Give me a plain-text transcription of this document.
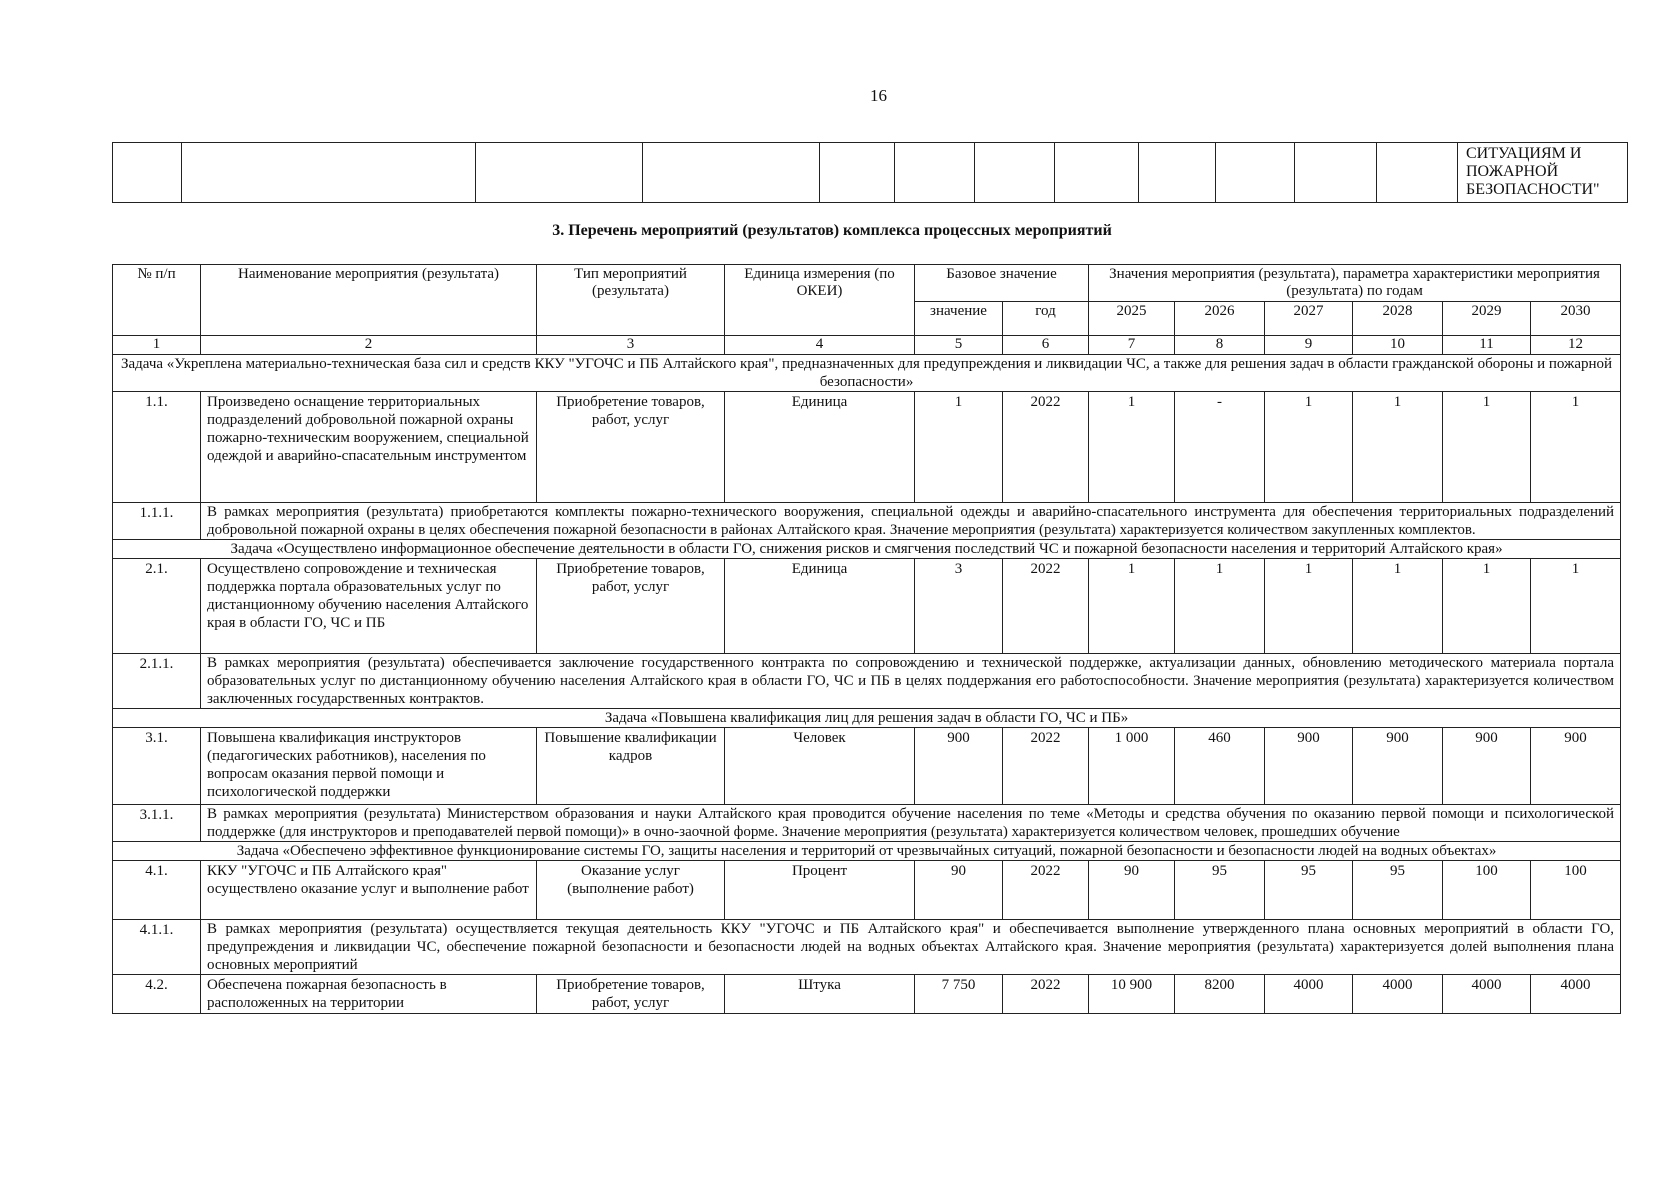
16
												СИТУАЦИЯМ И ПОЖАРНОЙ БЕЗОПАСНОСТИ"
3. Перечень мероприятий (результатов) комплекса процессных мероприятий
№ п/п	Наименование мероприятия (результата)	Тип мероприятий (результата)	Единица измерения (по ОКЕИ)	Базовое значение		Значения мероприятия (результата), параметра характеристики мероприятия (результата) по годам					
				значение	год	2025	2026	2027	2028	2029	2030
1	2	3	4	5	6	7	8	9	10	11	12
Задача «Укреплена материально-техническая база сил и средств ККУ "УГОЧС и ПБ Алтайского края", предназначенных для предупреждения и ликвидации ЧС, а также для решения задач в области гражданской обороны и пожарной безопасности»											
1.1.	Произведено оснащение территориальных подразделений добровольной пожарной охраны пожарно-техническим вооружением, специальной одеждой и аварийно-спасательным инструментом	Приобретение товаров, работ, услуг	Единица	1	2022	1	-	1	1	1	1
1.1.1.	В рамках мероприятия (результата) приобретаются комплекты пожарно-технического вооружения, специальной одежды и аварийно-спасательного инструмента для обеспечения территориальных подразделений добровольной пожарной охраны в целях обеспечения пожарной безопасности в районах Алтайского края. Значение мероприятия (результата) характеризуется количеством закупленных комплектов.										
Задача «Осуществлено информационное обеспечение деятельности в области ГО, снижения рисков и смягчения последствий ЧС и пожарной безопасности населения и территорий Алтайского края»											
2.1.	Осуществлено сопровождение и техническая поддержка портала образовательных услуг по дистанционному обучению населения Алтайского края в области ГО, ЧС и ПБ	Приобретение товаров, работ, услуг	Единица	3	2022	1	1	1	1	1	1
2.1.1.	В рамках мероприятия (результата) обеспечивается заключение государственного контракта по сопровождению и технической поддержке, актуализации данных, обновлению методического материала портала образовательных услуг по дистанционному обучению населения Алтайского края в области ГО, ЧС и ПБ в целях поддержания его работоспособности. Значение мероприятия (результата) характеризуется количеством заключенных государственных контрактов.										
Задача «Повышена квалификация лиц для решения задач в области ГО, ЧС и ПБ»											
3.1.	Повышена квалификация инструкторов (педагогических работников), населения по вопросам оказания первой помощи и психологической поддержки	Повышение квалификации кадров	Человек	900	2022	1 000	460	900	900	900	900
3.1.1.	В рамках мероприятия (результата) Министерством образования и науки Алтайского края проводится обучение населения по теме «Методы и средства обучения по оказанию первой помощи и психологической поддержке (для инструкторов и преподавателей первой помощи)» в очно-заочной форме. Значение мероприятия (результата) характеризуется количеством человек, прошедших обучение										
Задача «Обеспечено эффективное функционирование системы ГО, защиты населения и территорий от чрезвычайных ситуаций, пожарной безопасности и безопасности людей на водных объектах»											
4.1.	ККУ "УГОЧС и ПБ Алтайского края" осуществлено оказание услуг и выполнение работ	Оказание услуг (выполнение работ)	Процент	90	2022	90	95	95	95	100	100
4.1.1.	В рамках мероприятия (результата) осуществляется текущая деятельность ККУ "УГОЧС и ПБ Алтайского края" и обеспечивается выполнение утвержденного плана основных мероприятий в области ГО, предупреждения и ликвидации ЧС, обеспечение пожарной безопасности и безопасности людей на водных объектах Алтайского края. Значение мероприятия (результата) характеризуется долей выполнения плана основных мероприятий										
4.2.	Обеспечена пожарная безопасность в расположенных на территории	Приобретение товаров, работ, услуг	Штука	7 750	2022	10 900	8200	4000	4000	4000	4000
